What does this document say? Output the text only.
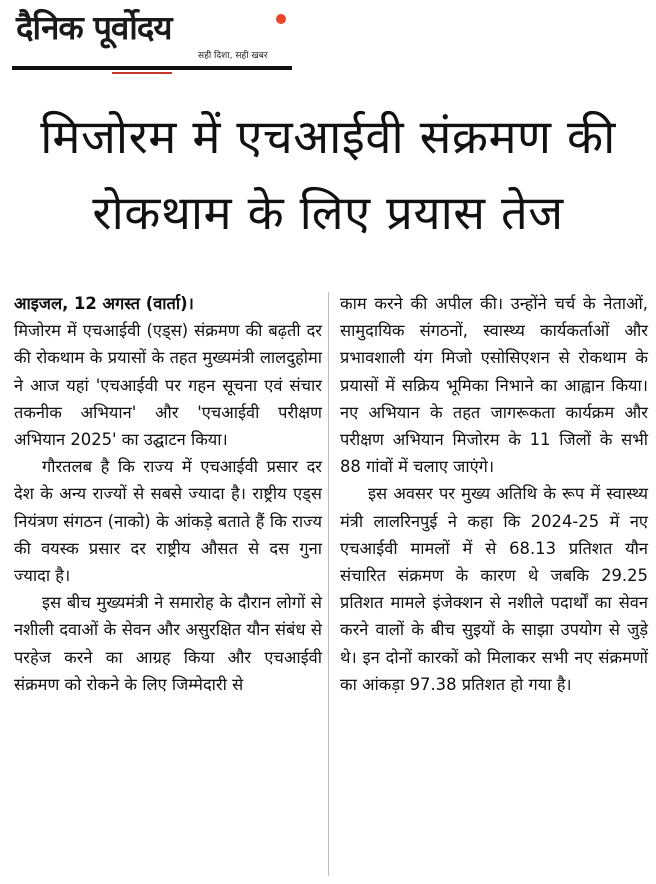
दैनिक पूर्वोदय
सही दिशा, सही खबर
मिजोरम में एचआईवी संक्रमण की रोकथाम के लिए प्रयास तेज

आइजल, 12 अगस्त (वार्ता)।

मिजोरम में एचआईवी (एड्स) संक्रमण की बढ़ती दर की रोकथाम के प्रयासों के तहत मुख्यमंत्री लालदुहोमा ने आज यहां 'एचआईवी पर गहन सूचना एवं संचार तकनीक अभियान' और 'एचआईवी परीक्षण अभियान 2025' का उद्घाटन किया।

गौरतलब है कि राज्य में एचआईवी प्रसार दर देश के अन्य राज्यों से सबसे ज्यादा है। राष्ट्रीय एड्स नियंत्रण संगठन (नाको) के आंकड़े बताते हैं कि राज्य की वयस्क प्रसार दर राष्ट्रीय औसत से दस गुना ज्यादा है।

इस बीच मुख्यमंत्री ने समारोह के दौरान लोगों से नशीली दवाओं के सेवन और असुरक्षित यौन संबंध से परहेज करने का आग्रह किया और एचआईवी संक्रमण को रोकने के लिए जिम्मेदारी से

काम करने की अपील की। उन्होंने चर्च के नेताओं, सामुदायिक संगठनों, स्वास्थ्य कार्यकर्ताओं और प्रभावशाली यंग मिजो एसोसिएशन से रोकथाम के प्रयासों में सक्रिय भूमिका निभाने का आह्वान किया। नए अभियान के तहत जागरूकता कार्यक्रम और परीक्षण अभियान मिजोरम के 11 जिलों के सभी 88 गांवों में चलाए जाएंगे।

इस अवसर पर मुख्य अतिथि के रूप में स्वास्थ्य मंत्री लालरिनपुई ने कहा कि 2024-25 में नए एचआईवी मामलों में से 68.13 प्रतिशत यौन संचारित संक्रमण के कारण थे जबकि 29.25 प्रतिशत मामले इंजेक्शन से नशीले पदार्थों का सेवन करने वालों के बीच सुइयों के साझा उपयोग से जुड़े थे। इन दोनों कारकों को मिलाकर सभी नए संक्रमणों का आंकड़ा 97.38 प्रतिशत हो गया है।
